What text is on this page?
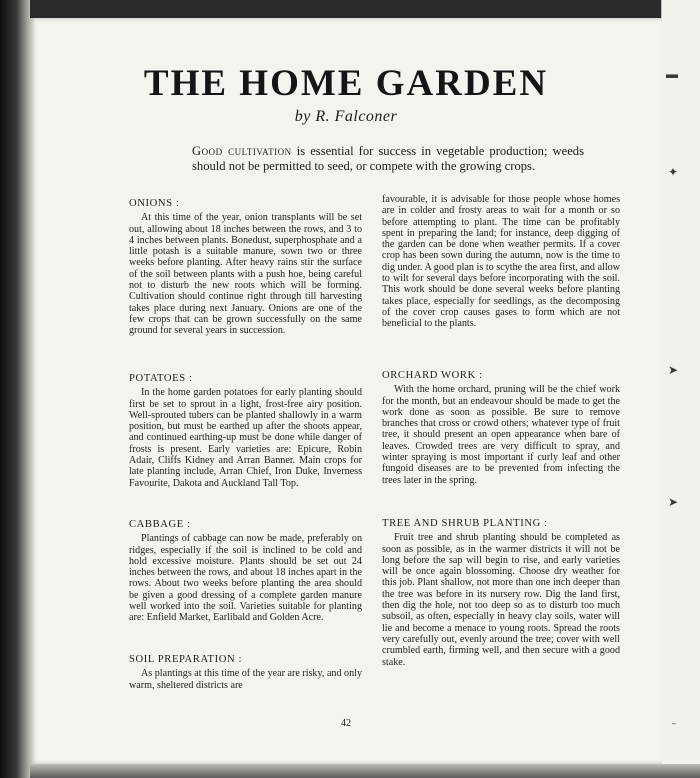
▬
✦
➤
➤
˗
THE HOME GARDEN
by R. Falconer
Good cultivation is essential for success in vegetable production; weeds should not be permitted to seed, or compete with the growing crops.
ONIONS :

At this time of the year, onion transplants will be set out, allowing about 18 inches between the rows, and 3 to 4 inches between plants. Bonedust, superphosphate and a little potash is a suitable manure, sown two or three weeks before planting. After heavy rains stir the surface of the soil between plants with a push hoe, being careful not to disturb the new roots which will be forming. Cultivation should continue right through till harvesting takes place during next January. Onions are one of the few crops that can be grown successfully on the same ground for several years in succession.

POTATOES :

In the home garden potatoes for early planting should first be set to sprout in a light, frost-free airy position. Well-sprouted tubers can be planted shallowly in a warm position, but must be earthed up after the shoots appear, and continued earthing-up must be done while danger of frosts is present. Early varieties are: Epicure, Robin Adair, Cliffs Kidney and Arran Banner. Main crops for late planting include, Arran Chief, Iron Duke, Inverness Favourite, Dakota and Auckland Tall Top.

CABBAGE :

Plantings of cabbage can now be made, preferably on ridges, especially if the soil is inclined to be cold and hold excessive moisture. Plants should be set out 24 inches between the rows, and about 18 inches apart in the rows. About two weeks before planting the area should be given a good dressing of a complete garden manure well worked into the soil. Varieties suitable for planting are: Enfield Market, Earlibald and Golden Acre.

SOIL PREPARATION :

As plantings at this time of the year are risky, and only warm, sheltered districts are

favourable, it is advisable for those people whose homes are in colder and frosty areas to wait for a month or so before attempting to plant. The time can be profitably spent in preparing the land; for instance, deep digging of the garden can be done when weather permits. If a cover crop has been sown during the autumn, now is the time to dig under. A good plan is to scythe the area first, and allow to wilt for several days before incorporating with the soil. This work should be done several weeks before planting takes place, especially for seedlings, as the decomposing of the cover crop causes gases to form which are not beneficial to the plants.

ORCHARD WORK :

With the home orchard, pruning will be the chief work for the month, but an endeavour should be made to get the work done as soon as possible. Be sure to remove branches that cross or crowd others; whatever type of fruit tree, it should present an open appearance when bare of leaves. Crowded trees are very difficult to spray, and winter spraying is most important if curly leaf and other fungoid diseases are to be prevented from infecting the trees later in the spring.

TREE AND SHRUB PLANTING :

Fruit tree and shrub planting should be completed as soon as possible, as in the warmer districts it will not be long before the sap will begin to rise, and early varieties will be once again blossoming. Choose dry weather for this job. Plant shallow, not more than one inch deeper than the tree was before in its nursery row. Dig the land first, then dig the hole, not too deep so as to disturb too much subsoil, as often, especially in heavy clay soils, water will lie and become a menace to young roots. Spread the roots very carefully out, evenly around the tree; cover with well crumbled earth, firming well, and then secure with a good stake.

42
